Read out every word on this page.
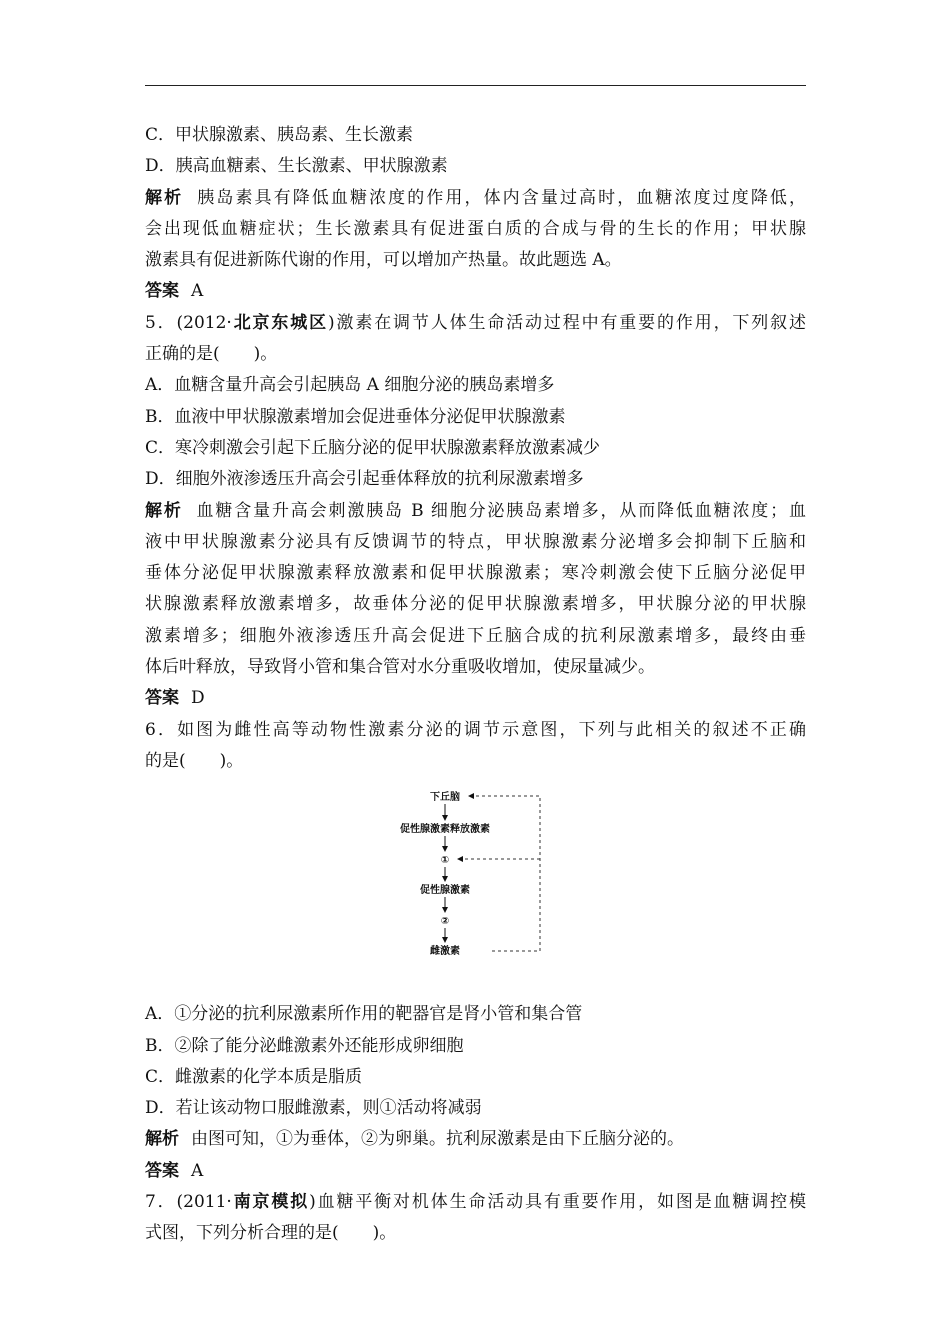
C．甲状腺激素、胰岛素、生长激素
D．胰高血糖素、生长激素、甲状腺激素
解析 胰岛素具有降低血糖浓度的作用，体内含量过高时，血糖浓度过度降低，
会出现低血糖症状；生长激素具有促进蛋白质的合成与骨的生长的作用；甲状腺
激素具有促进新陈代谢的作用，可以增加产热量。故此题选 A。
答案 A
5．(2012·北京东城区)激素在调节人体生命活动过程中有重要的作用，下列叙述
正确的是(　　)。
A．血糖含量升高会引起胰岛 A 细胞分泌的胰岛素增多
B．血液中甲状腺激素增加会促进垂体分泌促甲状腺激素
C．寒冷刺激会引起下丘脑分泌的促甲状腺激素释放激素减少
D．细胞外液渗透压升高会引起垂体释放的抗利尿激素增多
解析 血糖含量升高会刺激胰岛 B 细胞分泌胰岛素增多，从而降低血糖浓度；血
液中甲状腺激素分泌具有反馈调节的特点，甲状腺激素分泌增多会抑制下丘脑和
垂体分泌促甲状腺激素释放激素和促甲状腺激素；寒冷刺激会使下丘脑分泌促甲
状腺激素释放激素增多，故垂体分泌的促甲状腺激素增多，甲状腺分泌的甲状腺
激素增多；细胞外液渗透压升高会促进下丘脑合成的抗利尿激素增多，最终由垂
体后叶释放，导致肾小管和集合管对水分重吸收增加，使尿量减少。
答案 D
6．如图为雌性高等动物性激素分泌的调节示意图，下列与此相关的叙述不正确
的是(　　)。
下丘脑
促性腺激素释放激素
①
促性腺激素
②
雌激素
A．①分泌的抗利尿激素所作用的靶器官是肾小管和集合管
B．②除了能分泌雌激素外还能形成卵细胞
C．雌激素的化学本质是脂质
D．若让该动物口服雌激素，则①活动将减弱
解析 由图可知，①为垂体，②为卵巢。抗利尿激素是由下丘脑分泌的。
答案 A
7．(2011·南京模拟)血糖平衡对机体生命活动具有重要作用，如图是血糖调控模
式图，下列分析合理的是(　　)。
